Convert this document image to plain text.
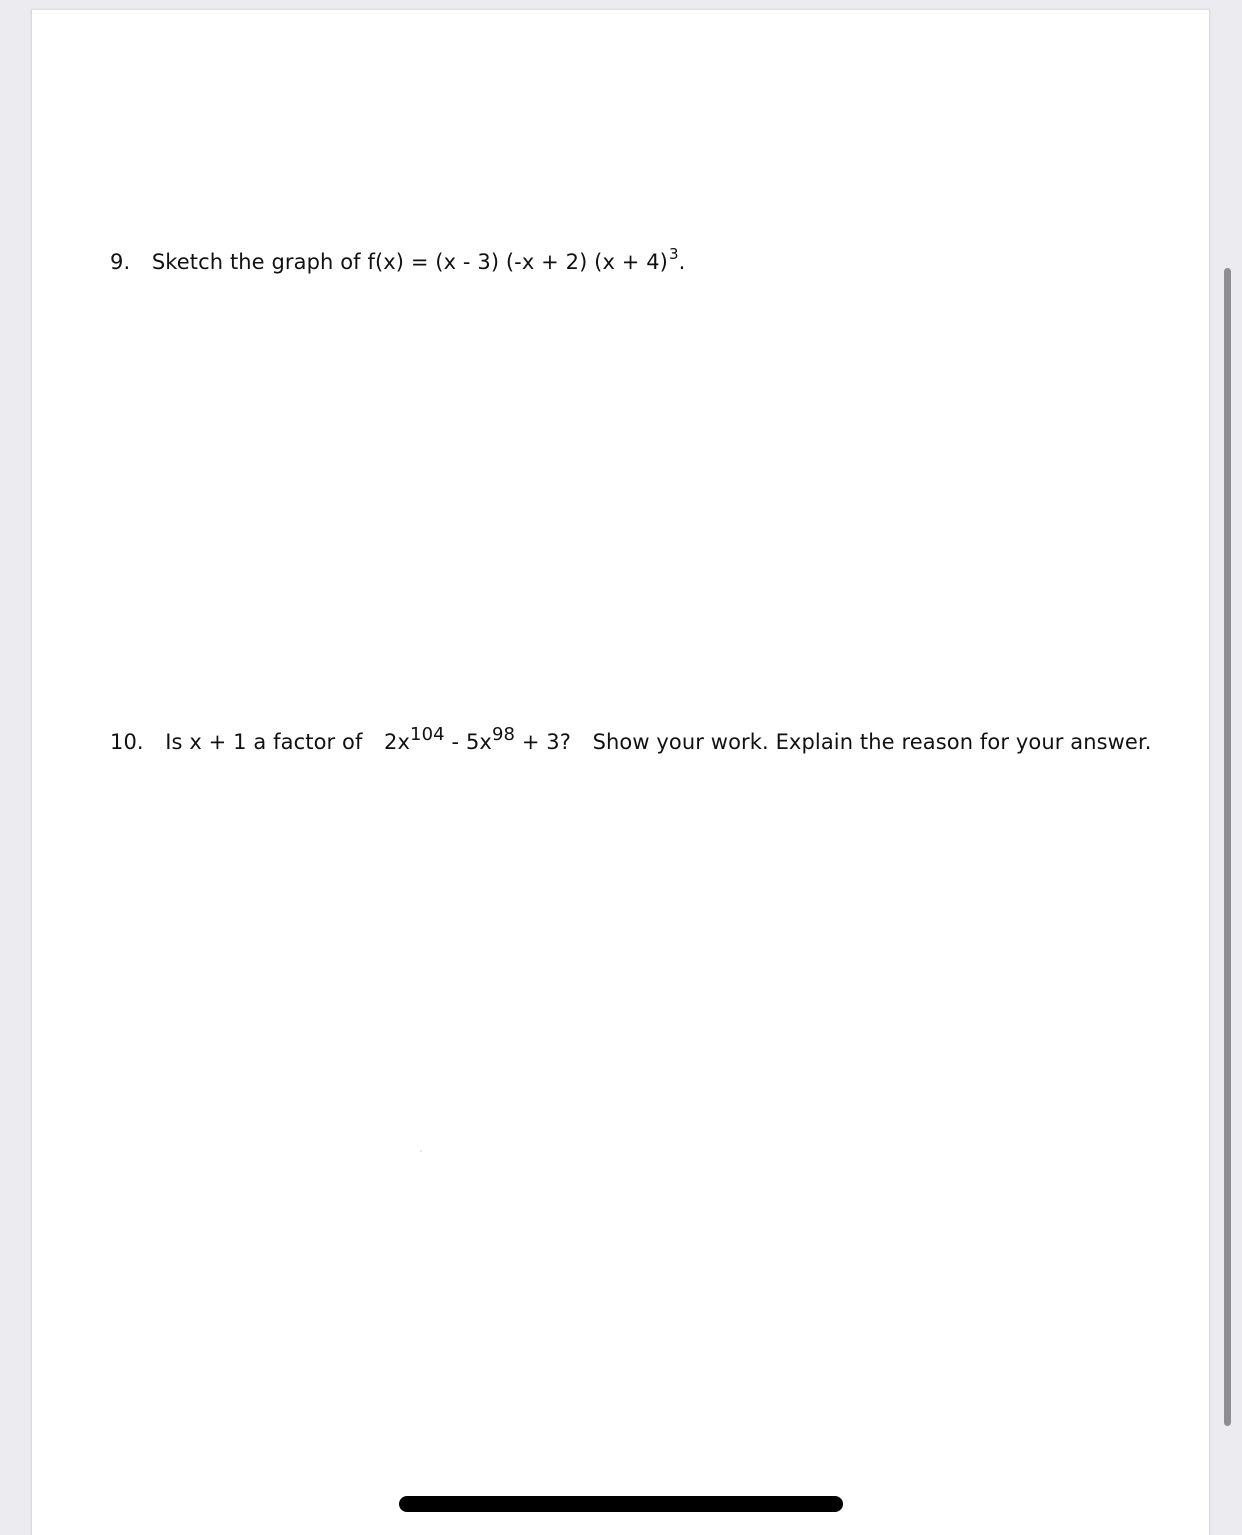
9. Sketch the graph of f(x) = (x - 3) (-x + 2) $(x + 4)^3$.
10. Is x + 1 a factor of 2x104 - 5x98 + 3? Show your work. Explain the reason for your answer.
